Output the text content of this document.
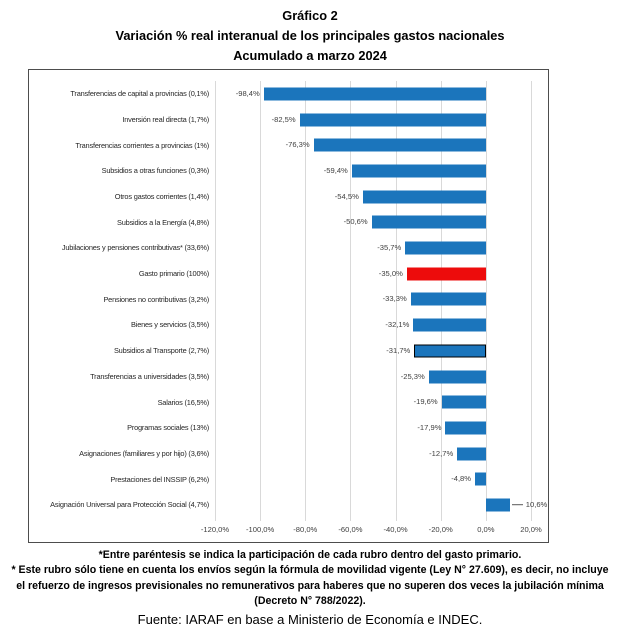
Gráfico 2
Variación % real interanual de los principales gastos nacionales
Acumulado a marzo 2024
Transferencias de capital a provincias (0,1%)	-98,4%
Inversión real directa (1,7%)	-82,5%
Transferencias corrientes a provincias (1%)	-76,3%
Subsidios a otras funciones (0,3%)	-59,4%
Otros gastos corrientes (1,4%)	-54,5%
Subsidios a la Energía (4,8%)	-50,6%
Jubilaciones y pensiones contributivas* (33,6%)	-35,7%
Gasto primario (100%)	-35,0%
Pensiones no contributivas (3,2%)	-33,3%
Bienes y servicios (3,5%)	-32,1%
Subsidios al Transporte (2,7%)	-31,7%
Transferencias a universidades (3,5%)	-25,3%
Salarios (16,5%)	-19,6%
Programas sociales (13%)	-17,9%
Asignaciones (familiares y por hijo) (3,6%)	-12,7%
Prestaciones del INSSIP (6,2%)	-4,8%
Asignación Universal para Protección Social (4,7%)	10,6%
-120,0% -100,0% -80,0%	-60,0%	-40,0%	-20,0%	0,0%	20,0%
*Entre paréntesis se indica la participación de cada rubro dentro del gasto primario.
* Este rubro sólo tiene en cuenta los envíos según la fórmula de movilidad vigente (Ley N° 27.609), es decir, no incluye el refuerzo de ingresos previsionales no remunerativos para haberes que no superen dos veces la jubilación mínima (Decreto N° 788/2022).
Fuente: IARAF en base a Ministerio de Economía e INDEC.
